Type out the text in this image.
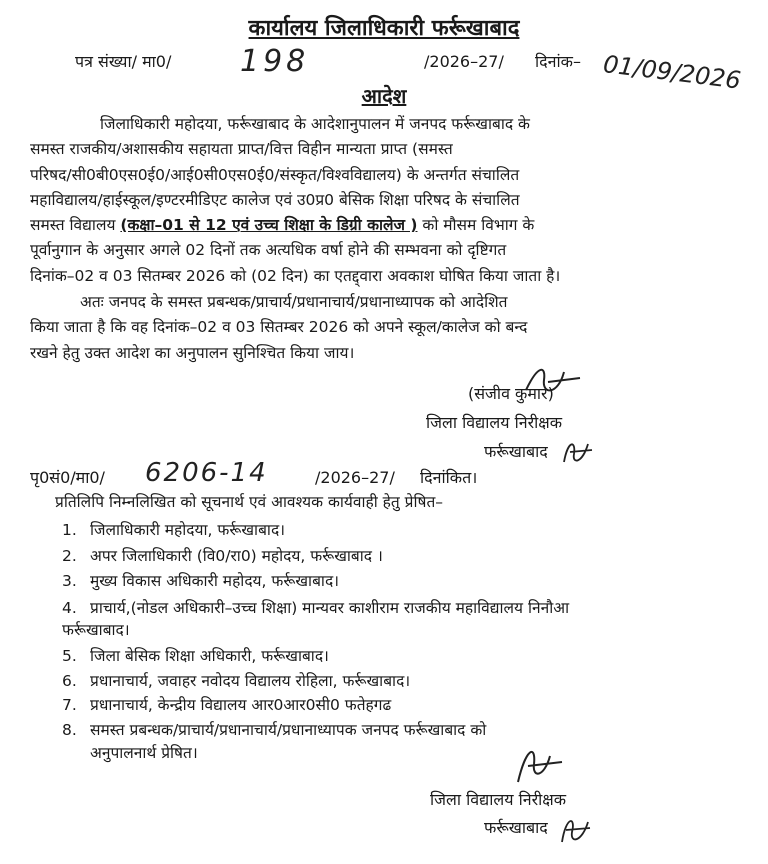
कार्यालय जिलाधिकारी फर्रूखाबाद
पत्र संख्या/ मा0/ 198	/2026–27/ दिनांक– 01/09/2026
आदेश
जिलाधिकारी महोदया, फर्रूखाबाद के आदेशानुपालन में जनपद फर्रूखाबाद के
समस्त राजकीय/अशासकीय सहायता प्राप्त/वित्त विहीन मान्यता प्राप्त (समस्त
परिषद/सी0बी0एस0ई0/आई0सी0एस0ई0/संस्कृत/विश्वविद्यालय) के अन्तर्गत संचालित
महाविद्यालय/हाईस्कूल/इण्टरमीडिएट कालेज एवं उ0प्र0 बेसिक शिक्षा परिषद के संचालित
समस्त विद्यालय (कक्षा–01 से 12 एवं उच्च शिक्षा के डिग्री कालेज ) को मौसम विभाग के
पूर्वानुगान के अनुसार अगले 02 दिनों तक अत्यधिक वर्षा होने की सम्भवना को दृष्टिगत
दिनांक–02 व 03 सितम्बर 2026 को (02 दिन) का एतद्द्वारा अवकाश घोषित किया जाता है।
अतः जनपद के समस्त प्रबन्धक/प्राचार्य/प्रधानाचार्य/प्रधानाध्यापक को आदेशित
किया जाता है कि वह दिनांक–02 व 03 सितम्बर 2026 को अपने स्कूल/कालेज को बन्द
रखने हेतु उक्त आदेश का अनुपालन सुनिश्चित किया जाय।
(संजीव कुमार)
जिला विद्यालय निरीक्षक
फर्रूखाबाद
पृ0सं0/मा0/ 6206-14	/2026–27/ दिनांकित।
प्रतिलिपि निम्नलिखित को सूचनार्थ एवं आवश्यक कार्यवाही हेतु प्रेषित–
1. जिलाधिकारी महोदया, फर्रूखाबाद।
2. अपर जिलाधिकारी (वि0/रा0) महोदय, फर्रूखाबाद ।
3. मुख्य विकास अधिकारी महोदय, फर्रूखाबाद।
4. प्राचार्य,(नोडल अधिकारी–उच्च शिक्षा) मान्यवर काशीराम राजकीय महाविद्यालय निनौआ
फर्रूखाबाद।
5. जिला बेसिक शिक्षा अधिकारी, फर्रूखाबाद।
6. प्रधानाचार्य, जवाहर नवोदय विद्यालय रोहिला, फर्रूखाबाद।
7. प्रधानाचार्य, केन्द्रीय विद्यालय आर0आर0सी0 फतेहगढ
8. समस्त प्रबन्धक/प्राचार्य/प्रधानाचार्य/प्रधानाध्यापक जनपद फर्रूखाबाद को
अनुपालनार्थ प्रेषित।
जिला विद्यालय निरीक्षक
फर्रूखाबाद
